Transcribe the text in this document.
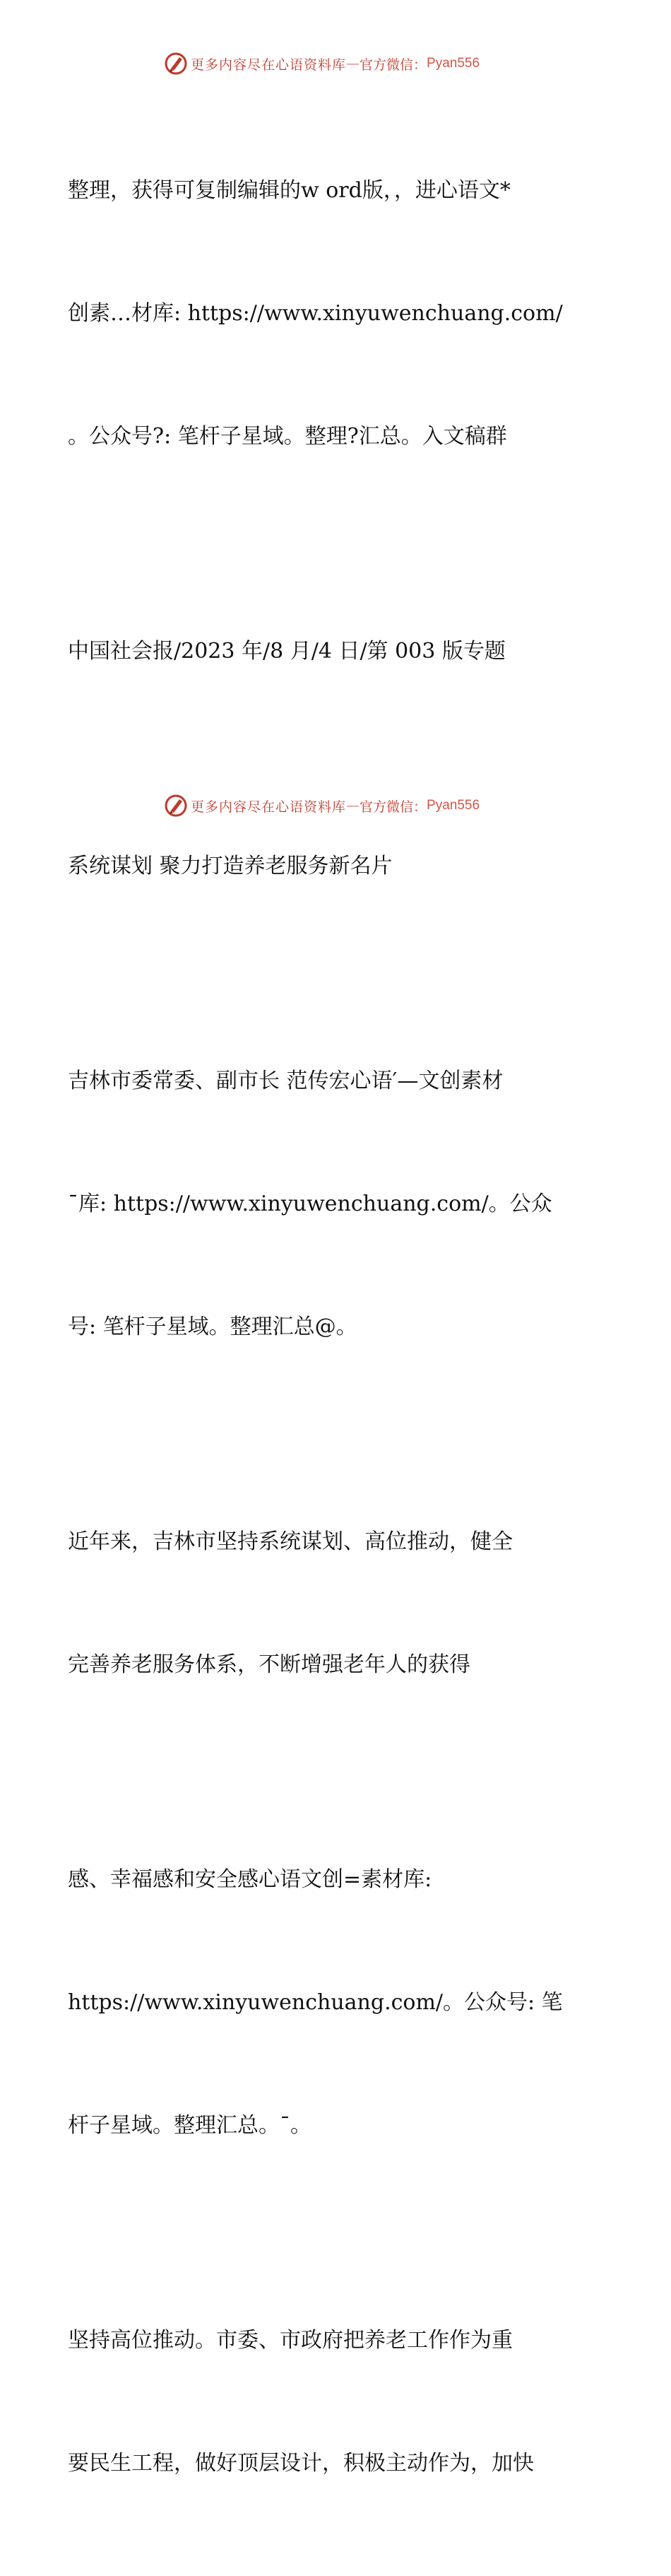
更多内容尽在心语资料库 — 官方微信： Pyan556

整理，获得可复制编辑的w ord版，，进心语文*

创素…材库: https://www.xinyuwenchuang.com/

。公众号?: 笔杆子星域。整理?汇总。入文稿群

中国社会报/2023 年/8 月/4 日/第 003 版专题

系统谋划 聚力打造养老服务新名片

吉林市委常委、副市长 范传宏心语′—文创素材

¯库: https://www.xinyuwenchuang.com/。公众

号: 笔杆子星域。整理汇总@。

近年来，吉林市坚持系统谋划、高位推动，健全

完善养老服务体系，不断增强老年人的获得

感、幸福感和安全感心语文创=素材库:

https://www.xinyuwenchuang.com/。公众号: 笔

杆子星域。整理汇总。¯。

坚持高位推动。市委、市政府把养老工作作为重

要民生工程，做好顶层设计，积极主动作为，加快

更多内容尽在心语资料库 — 官方微信： Pyan556
